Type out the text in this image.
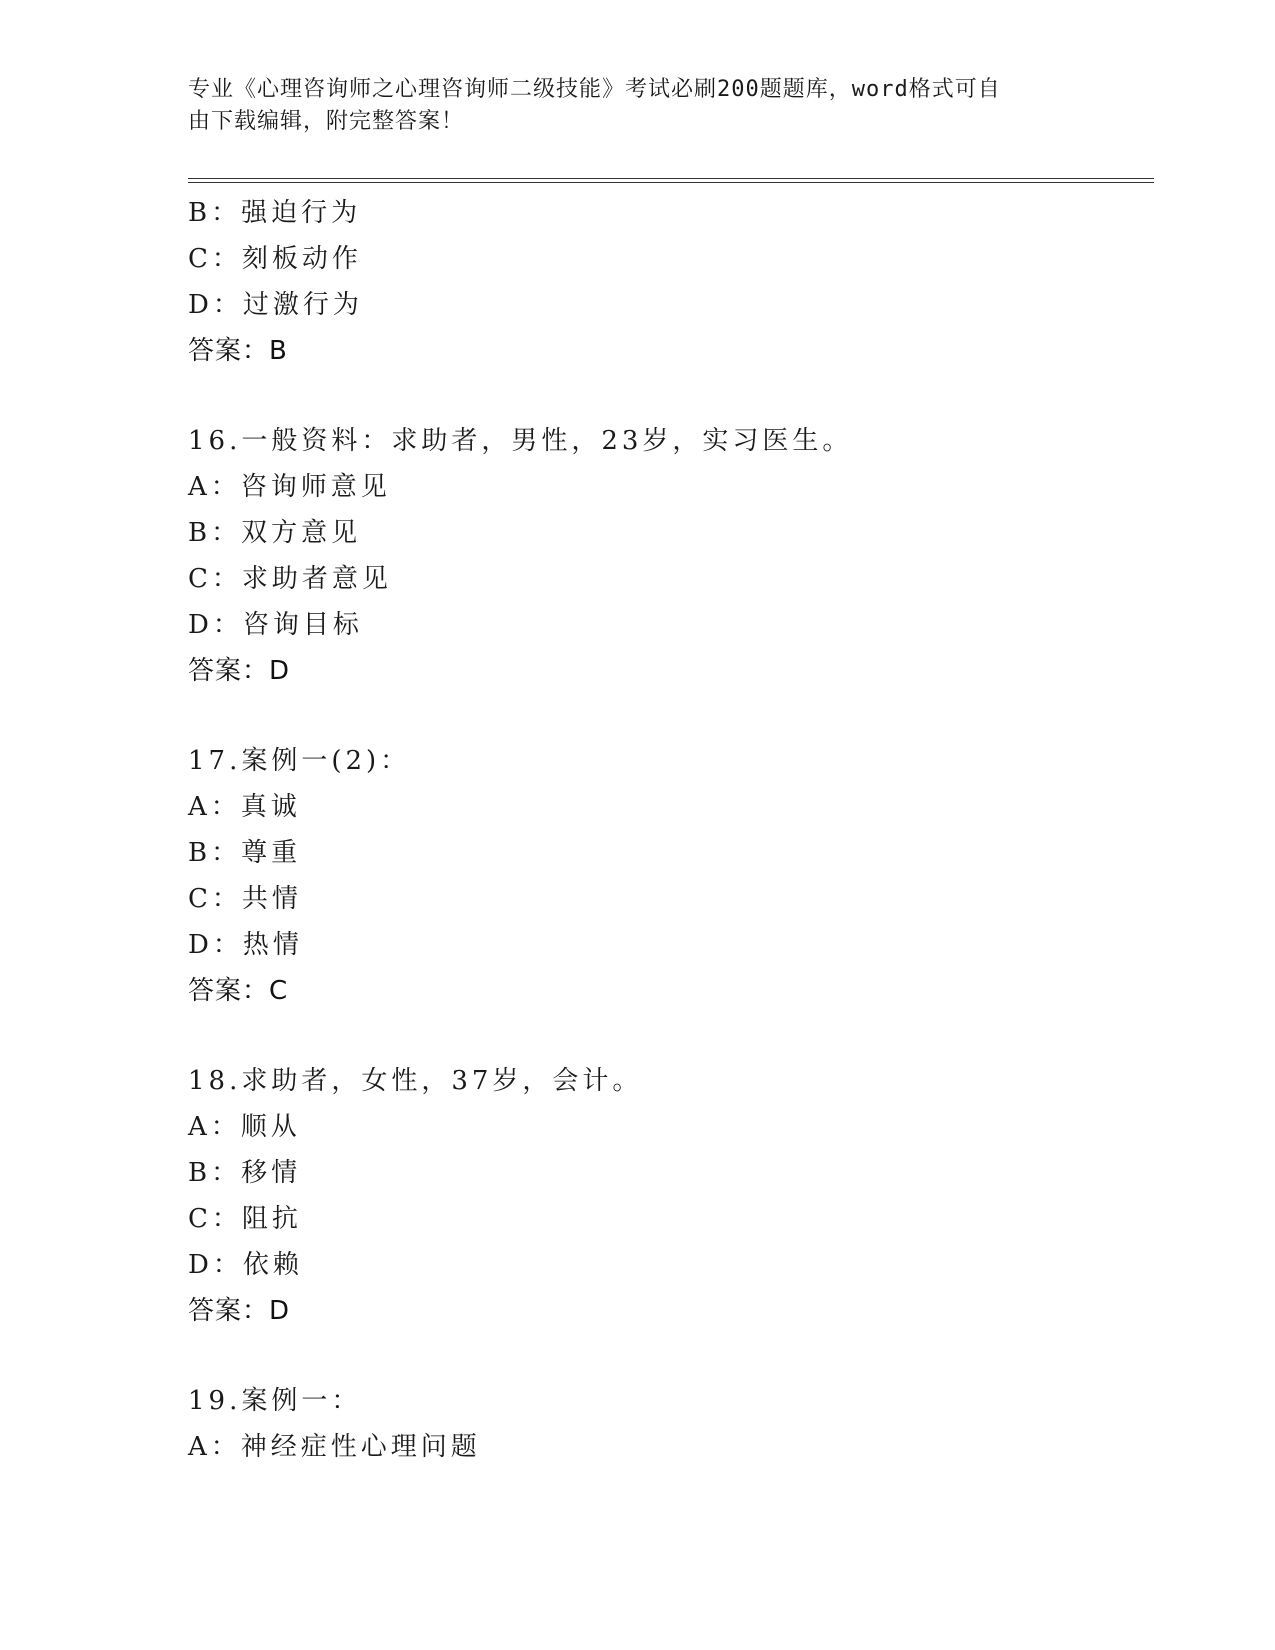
专业《心理咨询师之心理咨询师二级技能》考试必刷200题题库，word格式可自
由下载编辑，附完整答案！
B：强迫行为
C：刻板动作
D：过激行为
答案：B
16.一般资料：求助者，男性，23岁，实习医生。
A：咨询师意见
B：双方意见
C：求助者意见
D：咨询目标
答案：D
17.案例一(2)：
A：真诚
B：尊重
C：共情
D：热情
答案：C
18.求助者，女性，37岁，会计。
A：顺从
B：移情
C：阻抗
D：依赖
答案：D
19.案例一：
A：神经症性心理问题
